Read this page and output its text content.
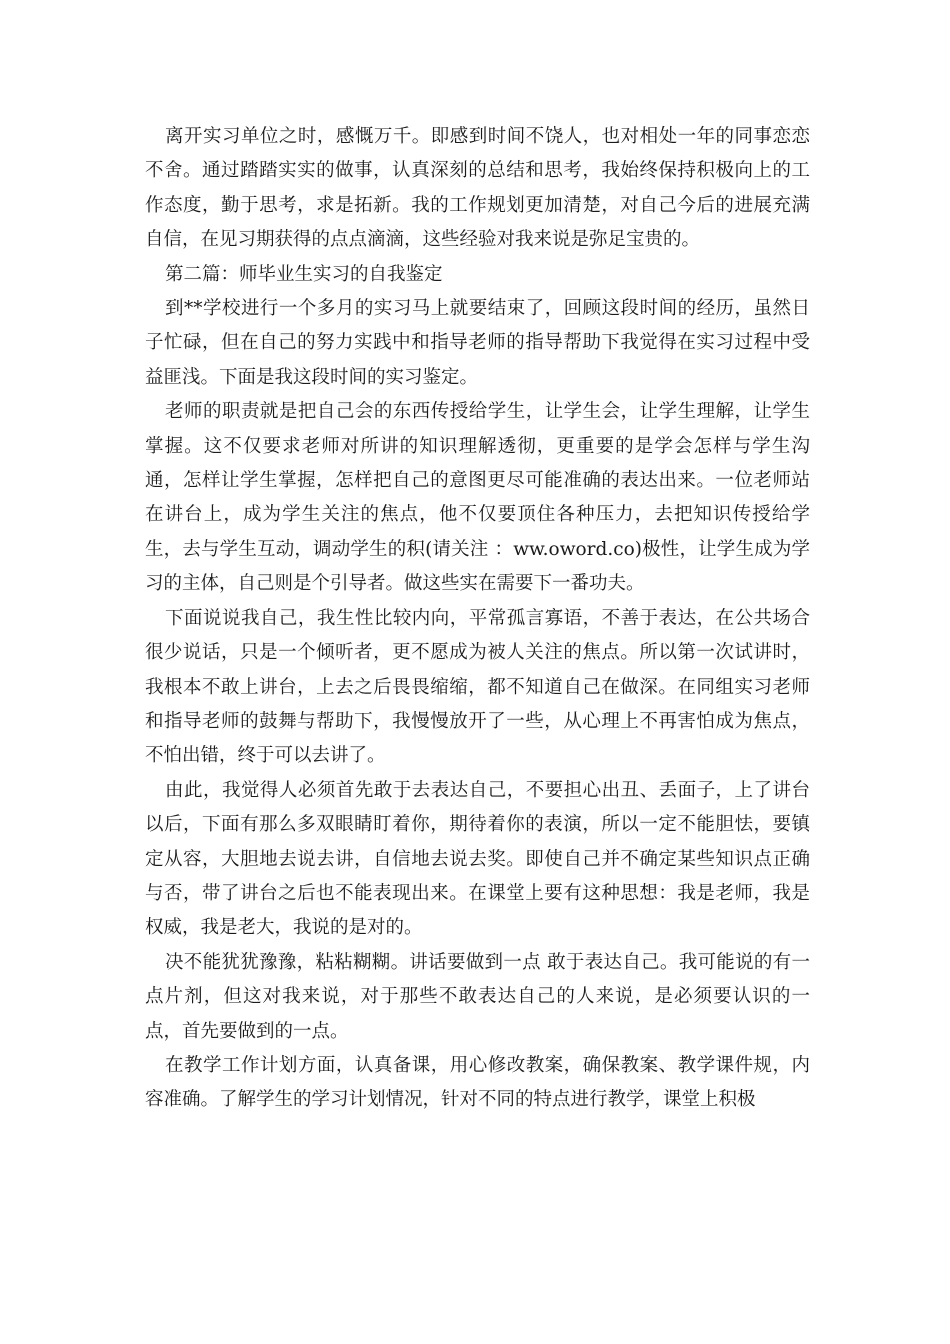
离开实习单位之时，感慨万千。即感到时间不饶人，也对相处一年的同事恋恋不舍。通过踏踏实实的做事，认真深刻的总结和思考，我始终保持积极向上的工作态度，勤于思考，求是拓新。我的工作规划更加清楚，对自己今后的进展充满自信，在见习期获得的点点滴滴，这些经验对我来说是弥足宝贵的。

第二篇：师毕业生实习的自我鉴定

到**学校进行一个多月的实习马上就要结束了，回顾这段时间的经历，虽然日子忙碌，但在自己的努力实践中和指导老师的指导帮助下我觉得在实习过程中受益匪浅。下面是我这段时间的实习鉴定。

老师的职责就是把自己会的东西传授给学生，让学生会，让学生理解，让学生掌握。这不仅要求老师对所讲的知识理解透彻，更重要的是学会怎样与学生沟通，怎样让学生掌握，怎样把自己的意图更尽可能准确的表达出来。一位老师站在讲台上，成为学生关注的焦点，他不仅要顶住各种压力，去把知识传授给学生，去与学生互动，调动学生的积(请关注 ：ww.oword.co)极性，让学生成为学习的主体，自己则是个引导者。做这些实在需要下一番功夫。

下面说说我自己，我生性比较内向，平常孤言寡语，不善于表达，在公共场合很少说话，只是一个倾听者，更不愿成为被人关注的焦点。所以第一次试讲时，我根本不敢上讲台，上去之后畏畏缩缩，都不知道自己在做深。在同组实习老师和指导老师的鼓舞与帮助下，我慢慢放开了一些，从心理上不再害怕成为焦点，不怕出错，终于可以去讲了。

由此，我觉得人必须首先敢于去表达自己，不要担心出丑、丢面子，上了讲台以后，下面有那么多双眼睛盯着你，期待着你的表演，所以一定不能胆怯，要镇定从容，大胆地去说去讲，自信地去说去奖。即使自己并不确定某些知识点正确与否，带了讲台之后也不能表现出来。在课堂上要有这种思想：我是老师，我是权威，我是老大，我说的是对的。

决不能犹犹豫豫，粘粘糊糊。讲话要做到一点 敢于表达自己。我可能说的有一点片剂，但这对我来说，对于那些不敢表达自己的人来说，是必须要认识的一点，首先要做到的一点。

在教学工作计划方面，认真备课，用心修改教案，确保教案、教学课件规，内容准确。了解学生的学习计划情况，针对不同的特点进行教学，课堂上积极
